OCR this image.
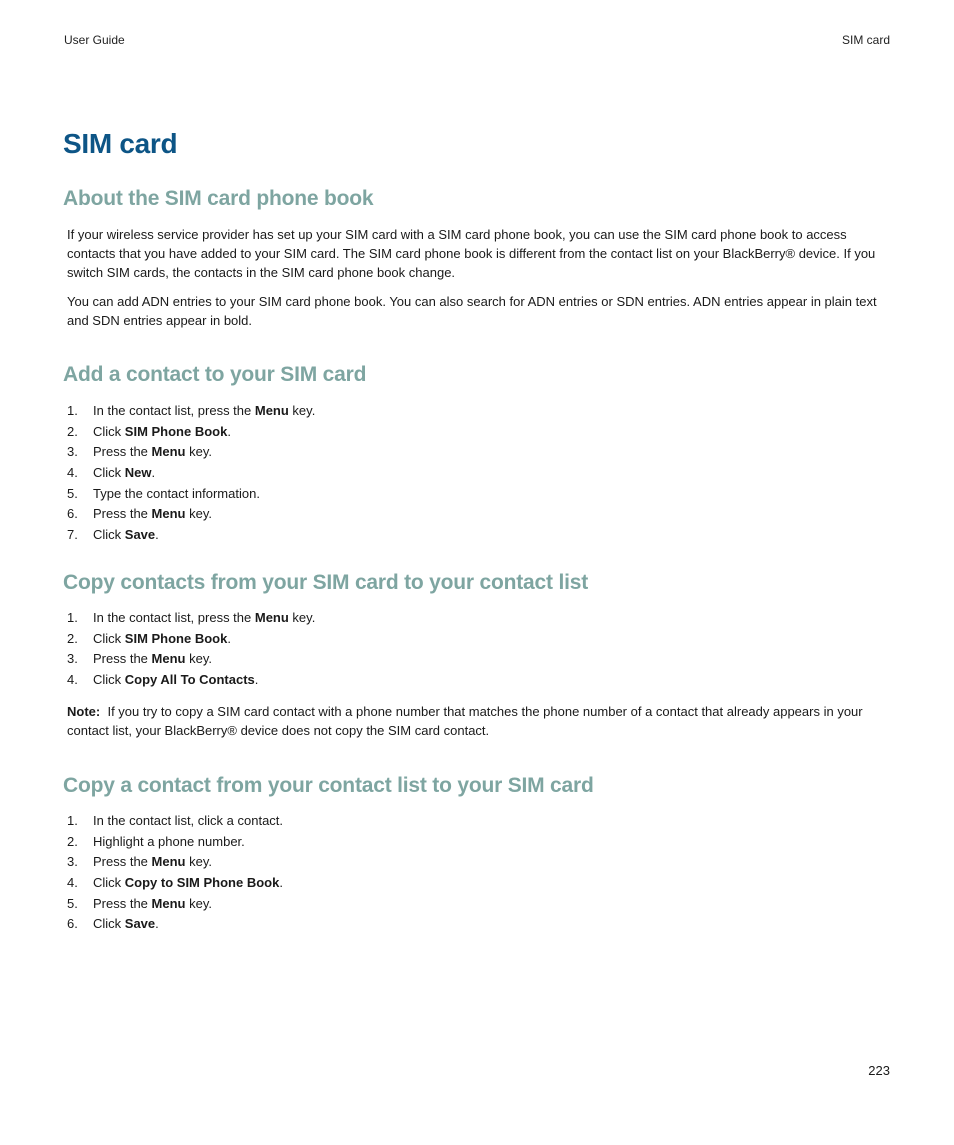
User Guide	SIM card
SIM card
About the SIM card phone book

If your wireless service provider has set up your SIM card with a SIM card phone book, you can use the SIM card phone book to access contacts that you have added to your SIM card. The SIM card phone book is different from the contact list on your BlackBerry® device. If you switch SIM cards, the contacts in the SIM card phone book change.

You can add ADN entries to your SIM card phone book. You can also search for ADN entries or SDN entries. ADN entries appear in plain text and SDN entries appear in bold.

Add a contact to your SIM card
1. In the contact list, press the Menu key.
2. Click SIM Phone Book.
3. Press the Menu key.
4. Click New.
5. Type the contact information.
6. Press the Menu key.
7. Click Save.
Copy contacts from your SIM card to your contact list
1. In the contact list, press the Menu key.
2. Click SIM Phone Book.
3. Press the Menu key.
4. Click Copy All To Contacts.

Note: If you try to copy a SIM card contact with a phone number that matches the phone number of a contact that already appears in your contact list, your BlackBerry® device does not copy the SIM card contact.

Copy a contact from your contact list to your SIM card
1. In the contact list, click a contact.
2. Highlight a phone number.
3. Press the Menu key.
4. Click Copy to SIM Phone Book.
5. Press the Menu key.
6. Click Save.
223
